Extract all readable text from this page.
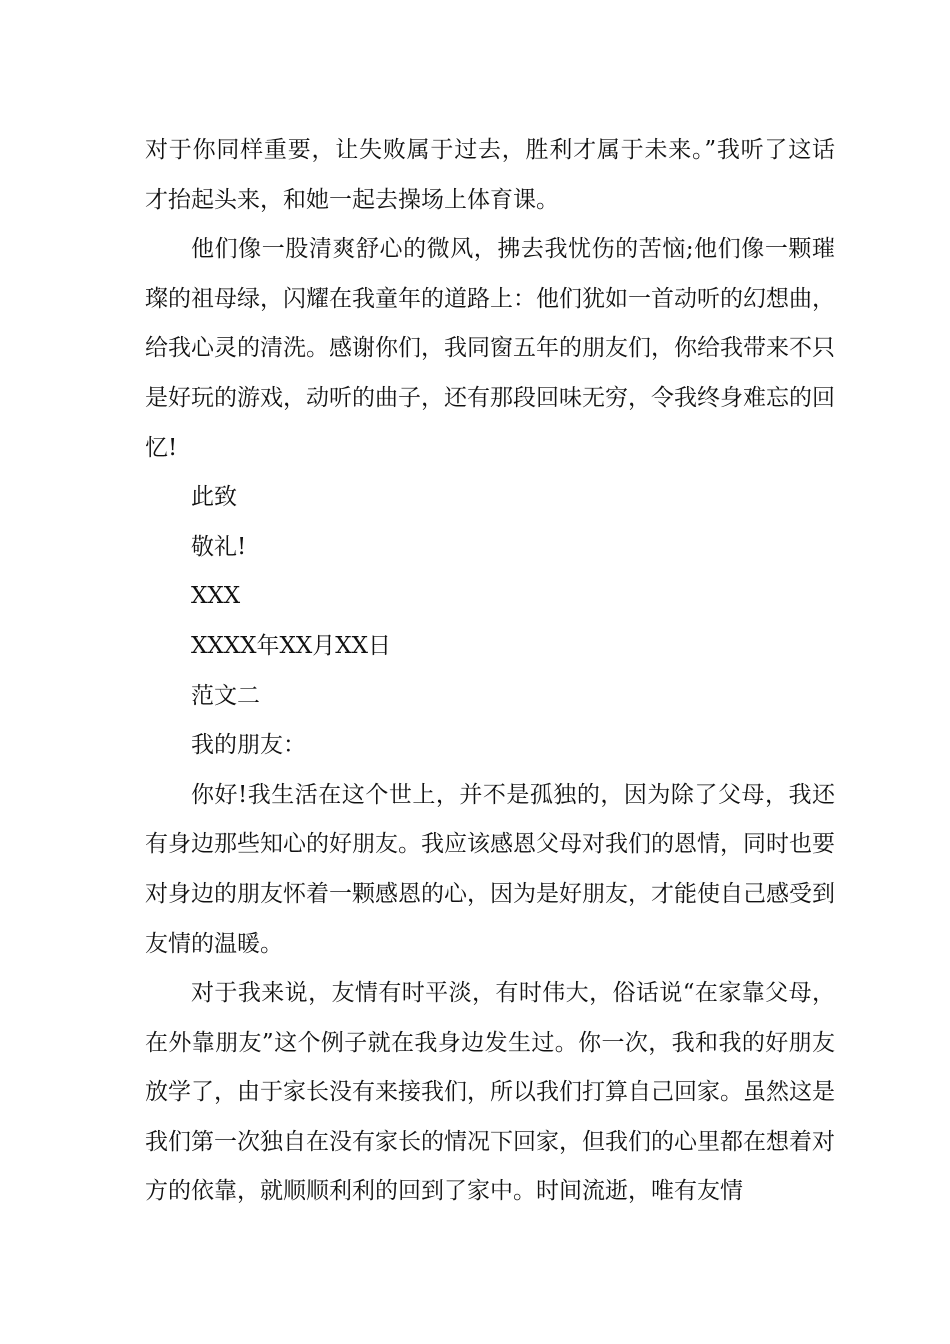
对于你同样重要，让失败属于过去，胜利才属于未来。”我听了这话才抬起头来，和她一起去操场上体育课。

他们像一股清爽舒心的微风，拂去我忧伤的苦恼;他们像一颗璀璨的祖母绿，闪耀在我童年的道路上：他们犹如一首动听的幻想曲，给我心灵的清洗。感谢你们，我同窗五年的朋友们，你给我带来不只是好玩的游戏，动听的曲子，还有那段回味无穷，令我终身难忘的回忆!

此致
敬礼!
XXX
XXXX年XX月XX日
范文二
我的朋友：

你好!我生活在这个世上，并不是孤独的，因为除了父母，我还有身边那些知心的好朋友。我应该感恩父母对我们的恩情，同时也要对身边的朋友怀着一颗感恩的心，因为是好朋友，才能使自己感受到友情的温暖。

对于我来说，友情有时平淡，有时伟大，俗话说“在家靠父母，在外靠朋友”这个例子就在我身边发生过。你一次，我和我的好朋友放学了，由于家长没有来接我们，所以我们打算自己回家。虽然这是我们第一次独自在没有家长的情况下回家，但我们的心里都在想着对方的依靠，就顺顺利利的回到了家中。时间流逝，唯有友情
